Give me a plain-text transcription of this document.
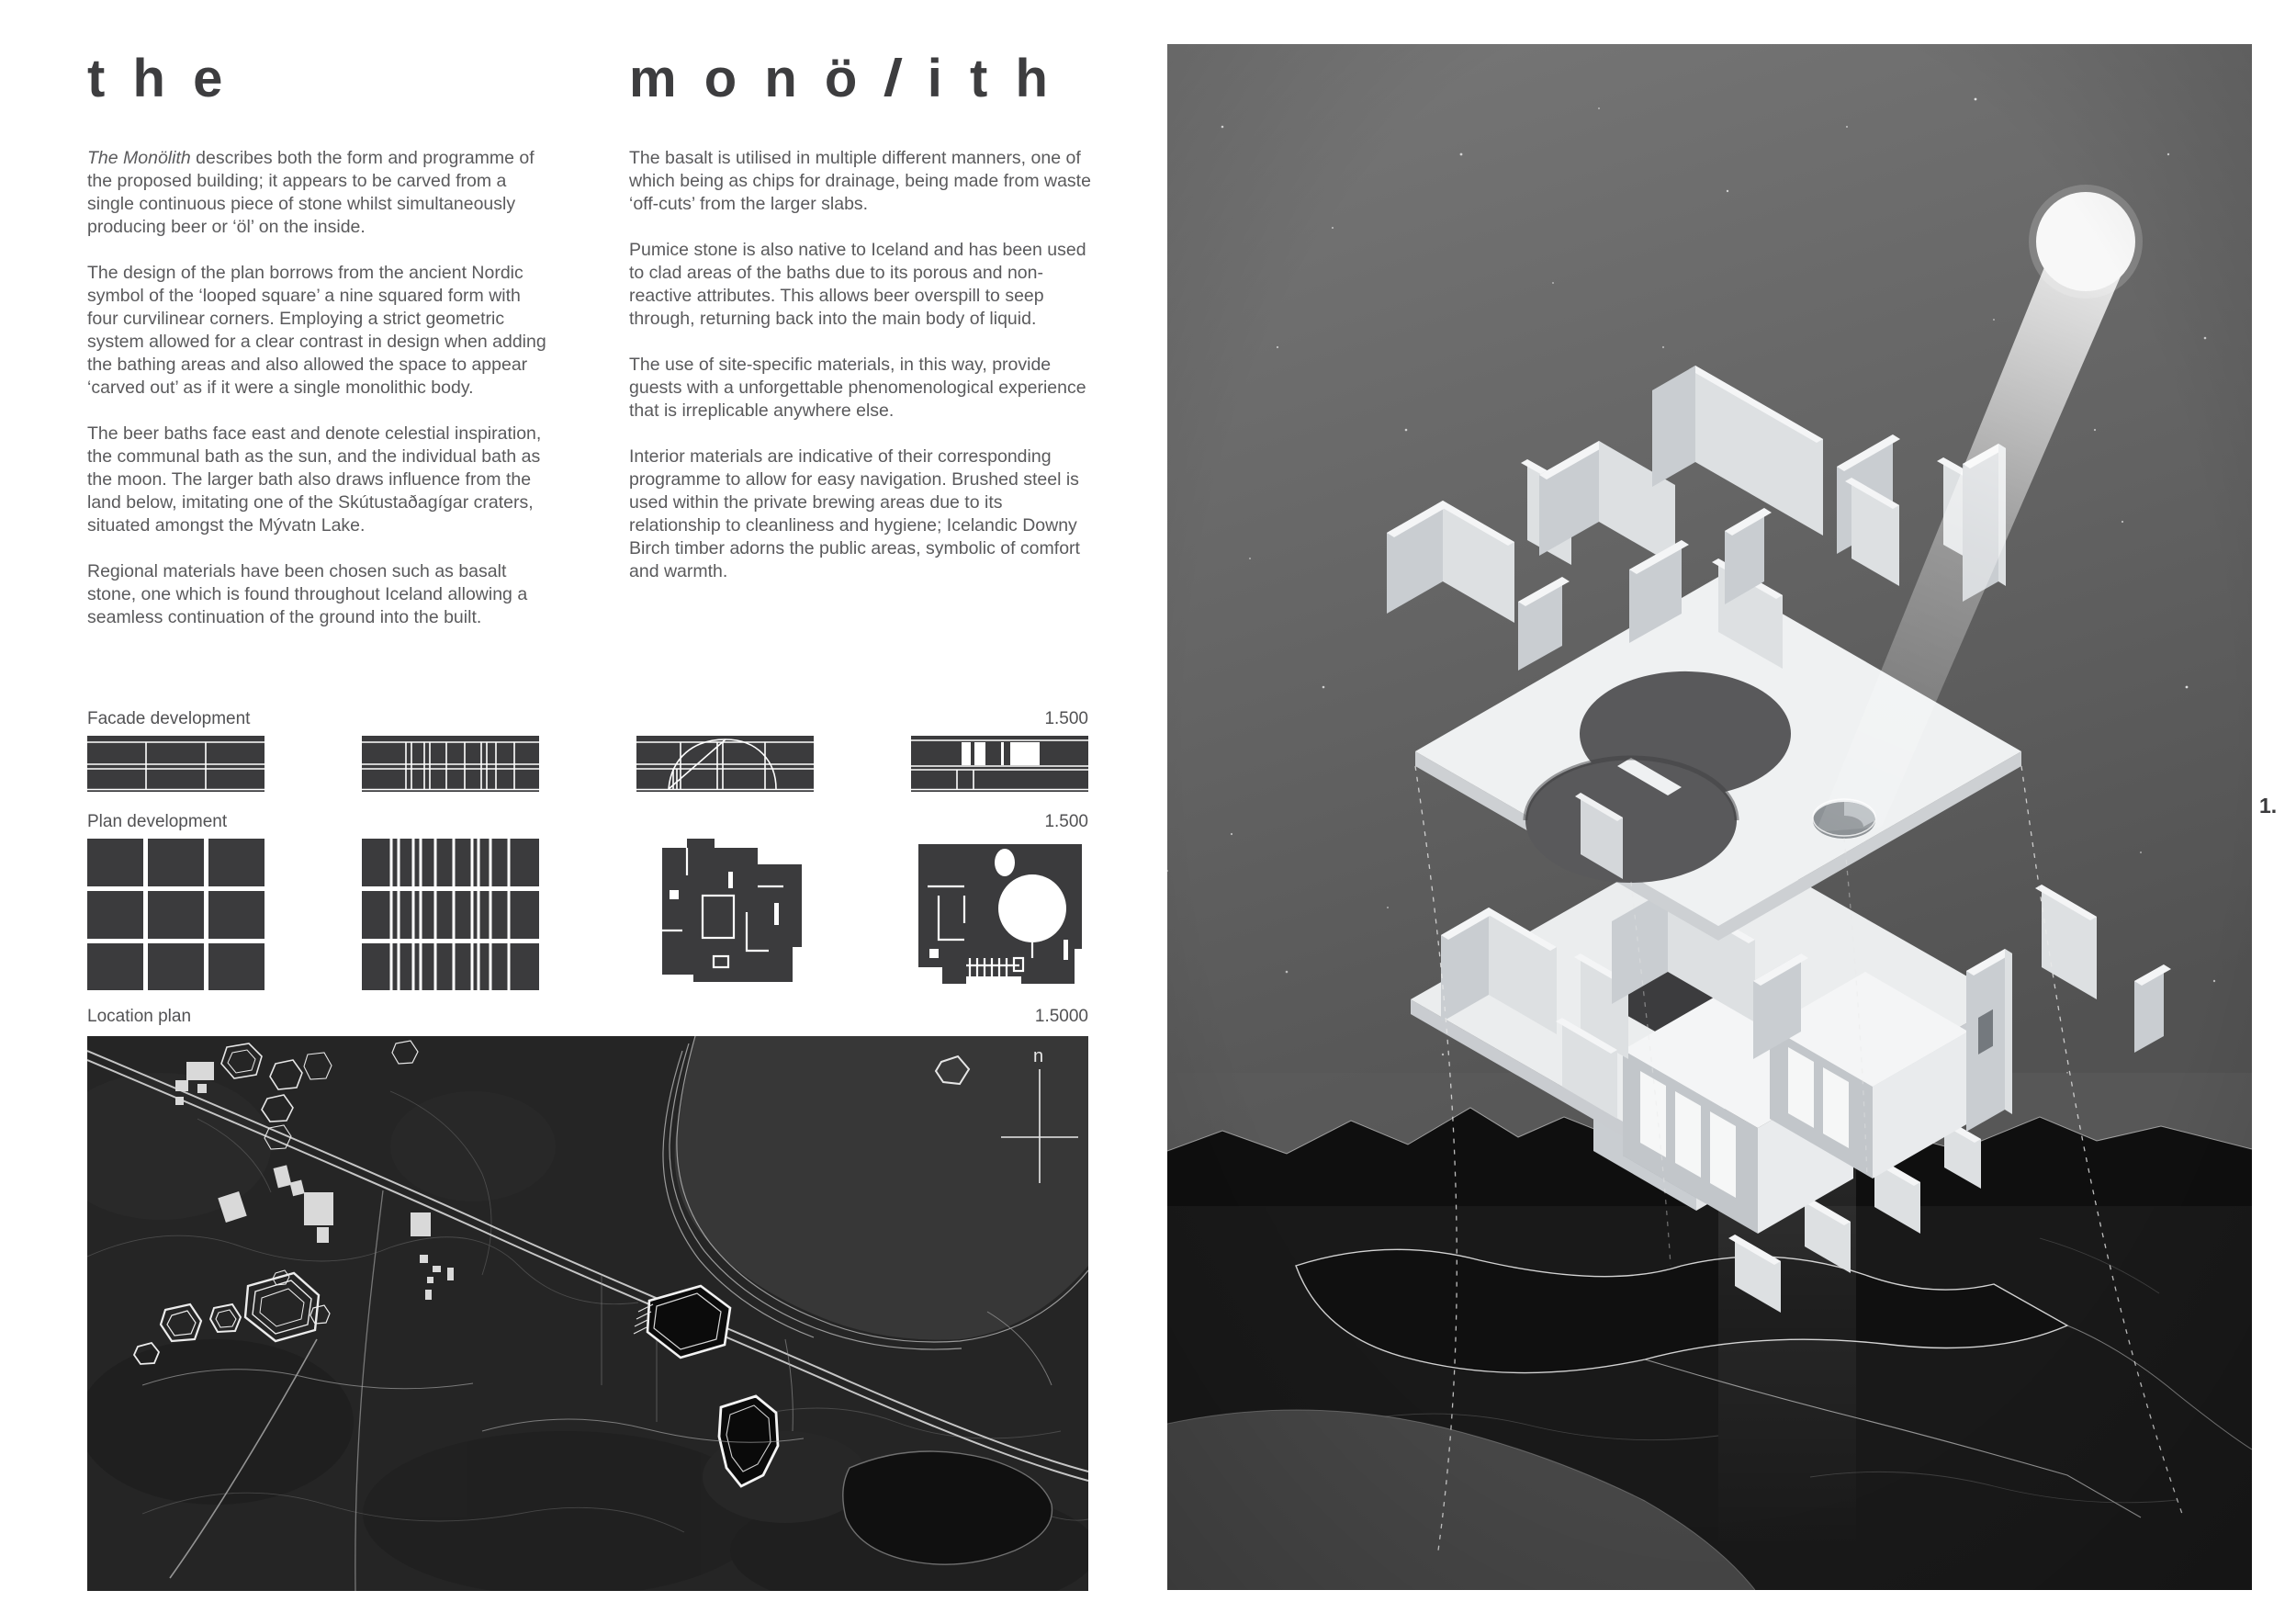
the	monölith

The Monölith describes both the form and programme of the proposed building; it appears to be carved from a single continuous piece of stone whilst simultaneously producing beer or ‘öl’ on the inside.

The design of the plan borrows from the ancient Nordic symbol of the ‘looped square’ a nine squared form with four curvilinear corners. Employing a strict geometric system allowed for a clear contrast in design when adding the bathing areas and also allowed the space to appear ‘carved out’ as if it were a single monolithic body.

The beer baths face east and denote celestial inspiration, the communal bath as the sun, and the individual bath as the moon. The larger bath also draws influence from the land below, imitating one of the Skútustaðagígar craters, situated amongst the Mývatn Lake.

Regional materials have been chosen such as basalt stone, one which is found throughout Iceland allowing a seamless continuation of the ground into the built.

The basalt is utilised in multiple different manners, one of which being as chips for drainage, being made from waste ‘off-cuts’ from the larger slabs.

Pumice stone is also native to Iceland and has been used to clad areas of the baths due to its porous and non-reactive attributes. This allows beer overspill to seep through, returning back into the main body of liquid.

The use of site-specific materials, in this way, provide guests with a unforgettable phenomenological experience that is irreplicable anywhere else.

Interior materials are indicative of their corresponding programme to allow for easy navigation. Brushed steel is used within the private brewing areas due to its relationship to cleanliness and hygiene; Icelandic Downy Birch timber adorns the public areas, symbolic of comfort and warmth.

Facade development	1.500
Plan development	1.500
Location plan	1.5000
n
1.
